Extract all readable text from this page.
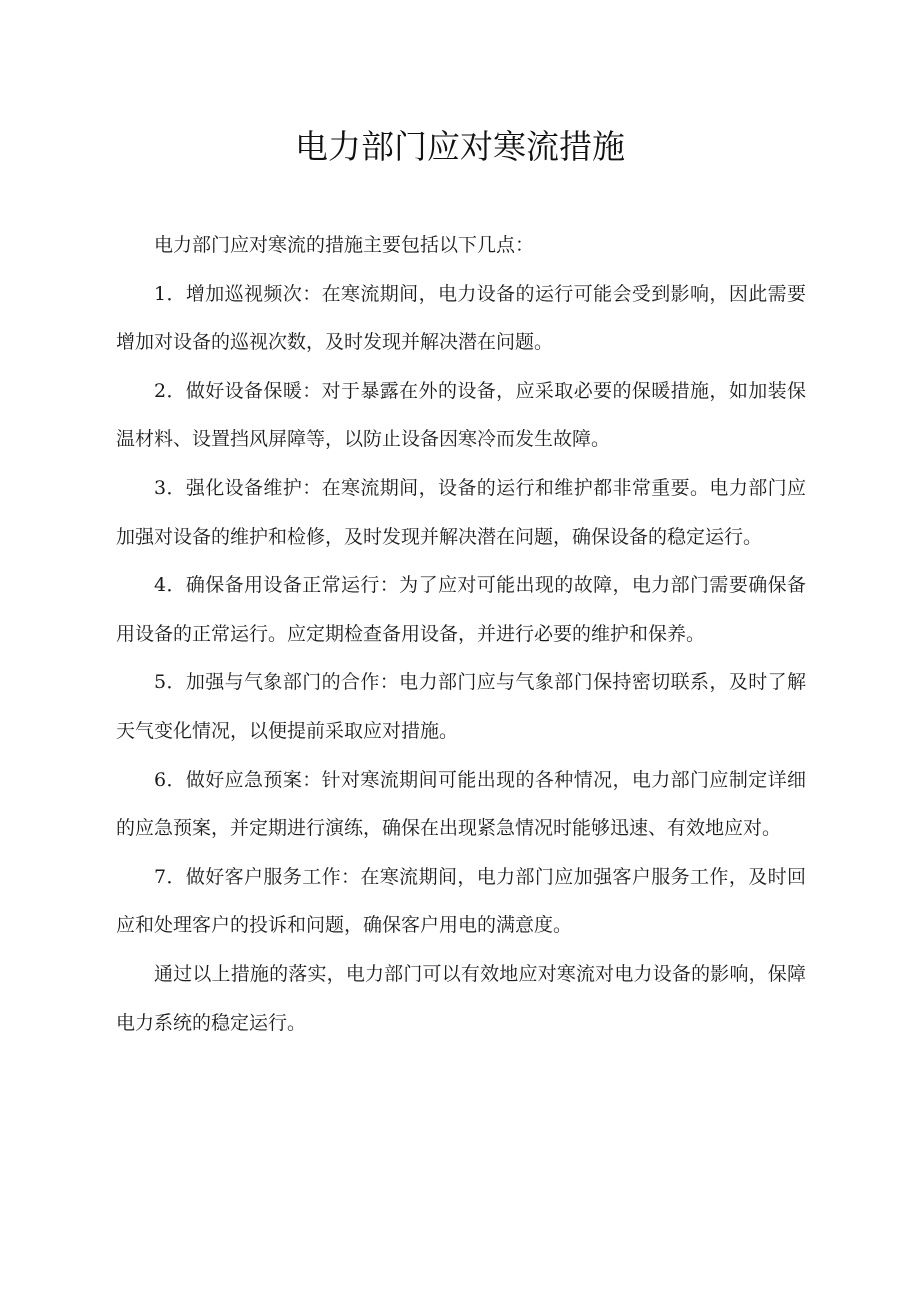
电力部门应对寒流措施

电力部门应对寒流的措施主要包括以下几点：

1．增加巡视频次：在寒流期间，电力设备的运行可能会受到影响，因此需要增加对设备的巡视次数，及时发现并解决潜在问题。

2．做好设备保暖：对于暴露在外的设备，应采取必要的保暖措施，如加装保温材料、设置挡风屏障等，以防止设备因寒冷而发生故障。

3．强化设备维护：在寒流期间，设备的运行和维护都非常重要。电力部门应加强对设备的维护和检修，及时发现并解决潜在问题，确保设备的稳定运行。

4．确保备用设备正常运行：为了应对可能出现的故障，电力部门需要确保备用设备的正常运行。应定期检查备用设备，并进行必要的维护和保养。

5．加强与气象部门的合作：电力部门应与气象部门保持密切联系，及时了解天气变化情况，以便提前采取应对措施。

6．做好应急预案：针对寒流期间可能出现的各种情况，电力部门应制定详细的应急预案，并定期进行演练，确保在出现紧急情况时能够迅速、有效地应对。

7．做好客户服务工作：在寒流期间，电力部门应加强客户服务工作，及时回应和处理客户的投诉和问题，确保客户用电的满意度。

通过以上措施的落实，电力部门可以有效地应对寒流对电力设备的影响，保障电力系统的稳定运行。
